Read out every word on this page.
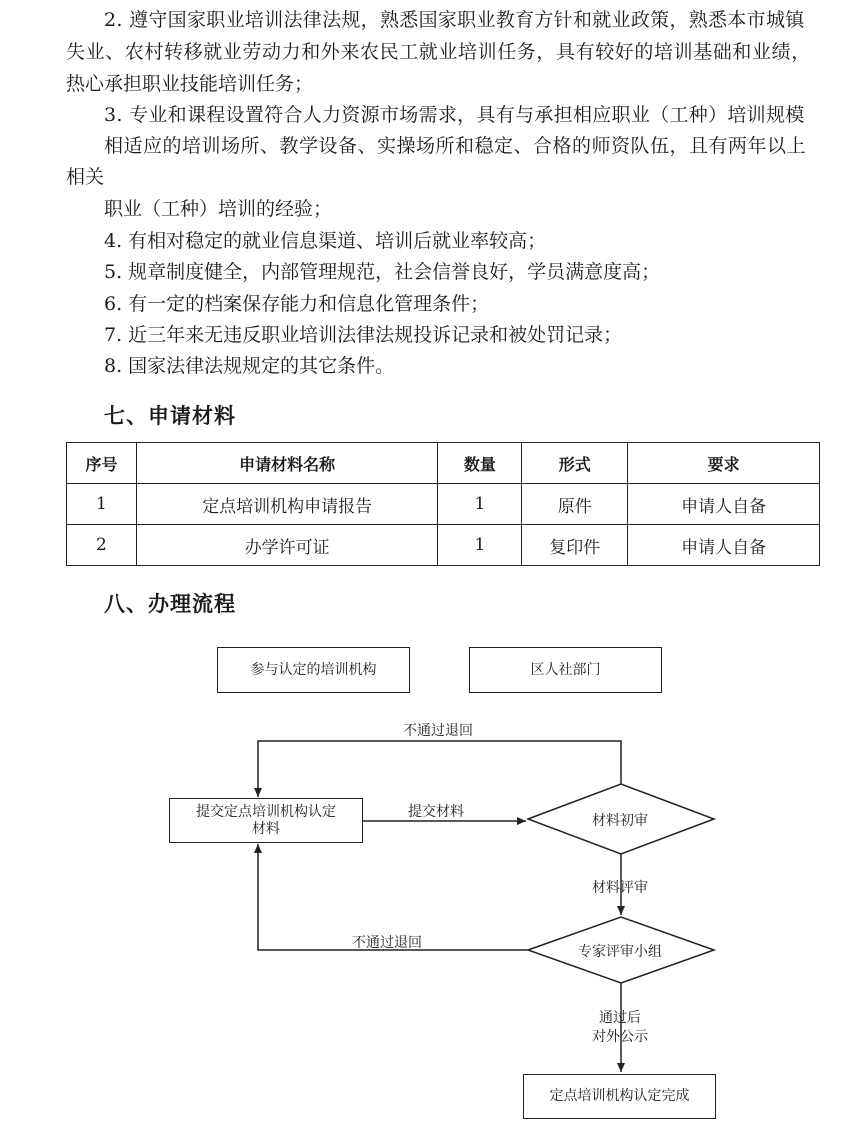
2. 遵守国家职业培训法律法规，熟悉国家职业教育方针和就业政策，熟悉本市城镇
失业、农村转移就业劳动力和外来农民工就业培训任务，具有较好的培训基础和业绩，
热心承担职业技能培训任务；
3. 专业和课程设置符合人力资源市场需求，具有与承担相应职业（工种）培训规模
相适应的培训场所、教学设备、实操场所和稳定、合格的师资队伍，且有两年以上
相关
职业（工种）培训的经验；
4. 有相对稳定的就业信息渠道、培训后就业率较高；
5. 规章制度健全，内部管理规范，社会信誉良好，学员满意度高；
6. 有一定的档案保存能力和信息化管理条件；
7. 近三年来无违反职业培训法律法规投诉记录和被处罚记录；
8. 国家法律法规规定的其它条件。
七、申请材料
序号	申请材料名称	数量	形式	要求
1	定点培训机构申请报告	1	原件	申请人自备
2	办学许可证	1	复印件	申请人自备
八、办理流程
参与认定的培训机构	区人社部门
提交定点培训机构认定材料
定点培训机构认定完成
材料初审
专家评审小组
提交材料
不通过退回
材料评审
不通过退回
通过后
对外公示
